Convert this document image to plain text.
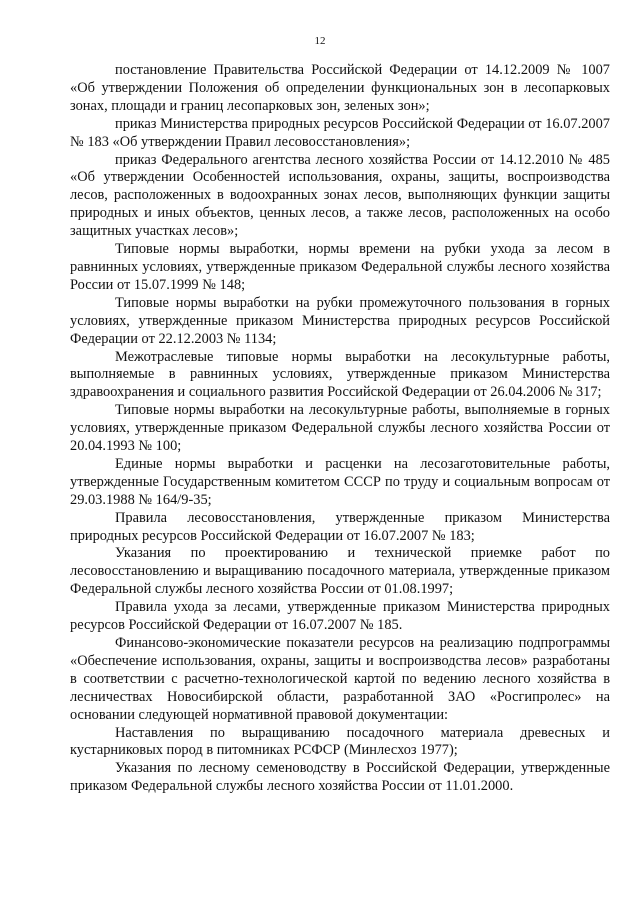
12

постановление Правительства Российской Федерации от 14.12.2009 № 1007 «Об утверждении Положения об определении функциональных зон в лесопарковых зонах, площади и границ лесопарковых зон, зеленых зон»;

приказ Министерства природных ресурсов Российской Федерации от 16.07.2007 № 183 «Об утверждении Правил лесовосстановления»;

приказ Федерального агентства лесного хозяйства России от 14.12.2010 № 485 «Об утверждении Особенностей использования, охраны, защиты, воспроизводства лесов, расположенных в водоохранных зонах лесов, выполняющих функции защиты природных и иных объектов, ценных лесов, а также лесов, расположенных на особо защитных участках лесов»;

Типовые нормы выработки, нормы времени на рубки ухода за лесом в равнинных условиях, утвержденные приказом Федеральной службы лесного хозяйства России от 15.07.1999 № 148;

Типовые нормы выработки на рубки промежуточного пользования в горных условиях, утвержденные приказом Министерства природных ресурсов Российской Федерации от 22.12.2003 № 1134;

Межотраслевые типовые нормы выработки на лесокультурные работы, выполняемые в равнинных условиях, утвержденные приказом Министерства здравоохранения и социального развития Российской Федерации от 26.04.2006 № 317;

Типовые нормы выработки на лесокультурные работы, выполняемые в горных условиях, утвержденные приказом Федеральной службы лесного хозяйства России от 20.04.1993 № 100;

Единые нормы выработки и расценки на лесозаготовительные работы, утвержденные Государственным комитетом СССР по труду и социальным вопросам от 29.03.1988 № 164/9-35;

Правила лесовосстановления, утвержденные приказом Министерства природных ресурсов Российской Федерации от 16.07.2007 № 183;

Указания по проектированию и технической приемке работ по лесовосстановлению и выращиванию посадочного материала, утвержденные приказом Федеральной службы лесного хозяйства России от 01.08.1997;

Правила ухода за лесами, утвержденные приказом Министерства природных ресурсов Российской Федерации от 16.07.2007 № 185.

Финансово-экономические показатели ресурсов на реализацию подпрограммы «Обеспечение использования, охраны, защиты и воспроизводства лесов» разработаны в соответствии с расчетно-технологической картой по ведению лесного хозяйства в лесничествах Новосибирской области, разработанной ЗАО «Росгипролес» на основании следующей нормативной правовой документации:

Наставления по выращиванию посадочного материала древесных и кустарниковых пород в питомниках РСФСР (Минлесхоз 1977);

Указания по лесному семеноводству в Российской Федерации, утвержденные приказом Федеральной службы лесного хозяйства России от 11.01.2000.
